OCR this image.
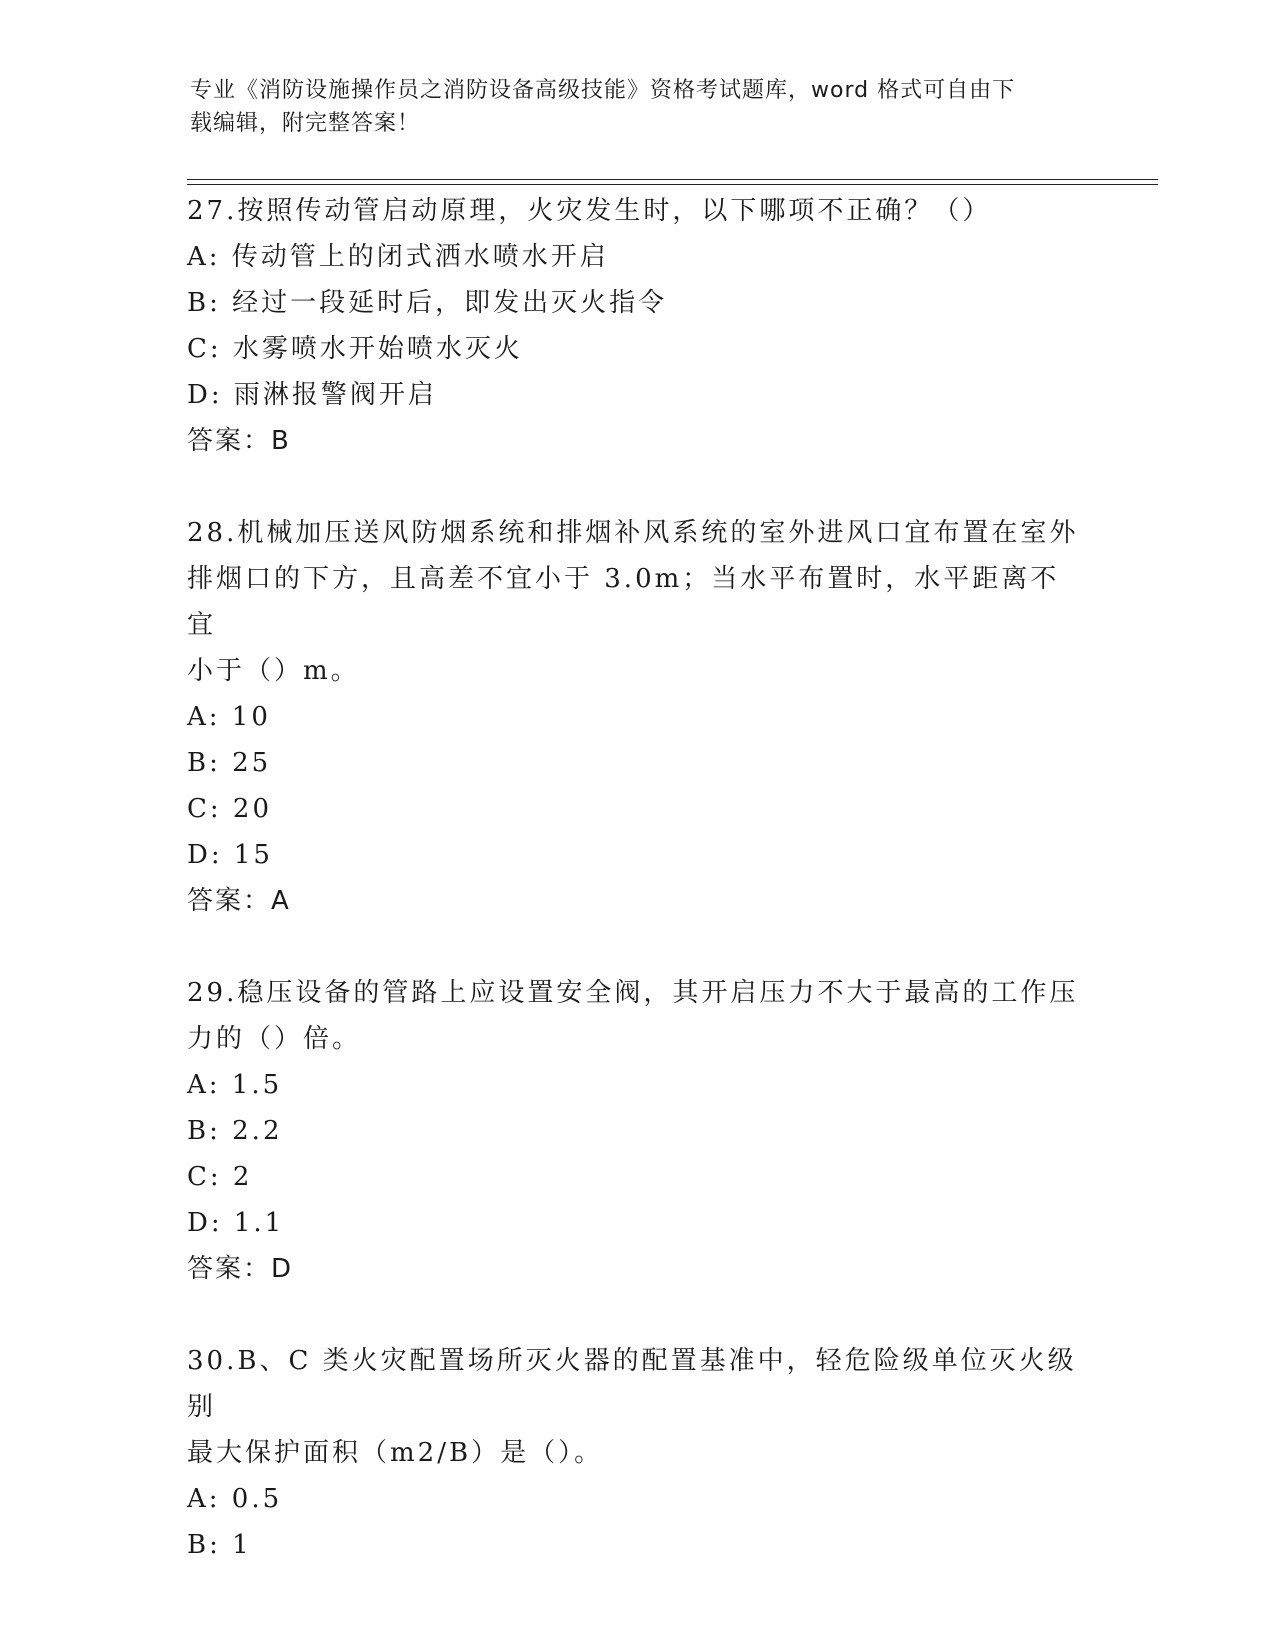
专业《消防设施操作员之消防设备高级技能》资格考试题库，word 格式可自由下
载编辑，附完整答案！

27.按照传动管启动原理，火灾发生时，以下哪项不正确？（）

A: 传动管上的闭式洒水喷水开启

B: 经过一段延时后，即发出灭火指令

C: 水雾喷水开始喷水灭火

D: 雨淋报警阀开启

答案：B

28.机械加压送风防烟系统和排烟补风系统的室外进风口宜布置在室外

排烟口的下方，且高差不宜小于 3.0m；当水平布置时，水平距离不宜

小于（）m。

A: 10

B: 25

C: 20

D: 15

答案：A

29.稳压设备的管路上应设置安全阀，其开启压力不大于最高的工作压

力的（）倍。

A: 1.5

B: 2.2

C: 2

D: 1.1

答案：D

30.B、C 类火灾配置场所灭火器的配置基准中，轻危险级单位灭火级别

最大保护面积（m2/B）是（）。

A: 0.5

B: 1
